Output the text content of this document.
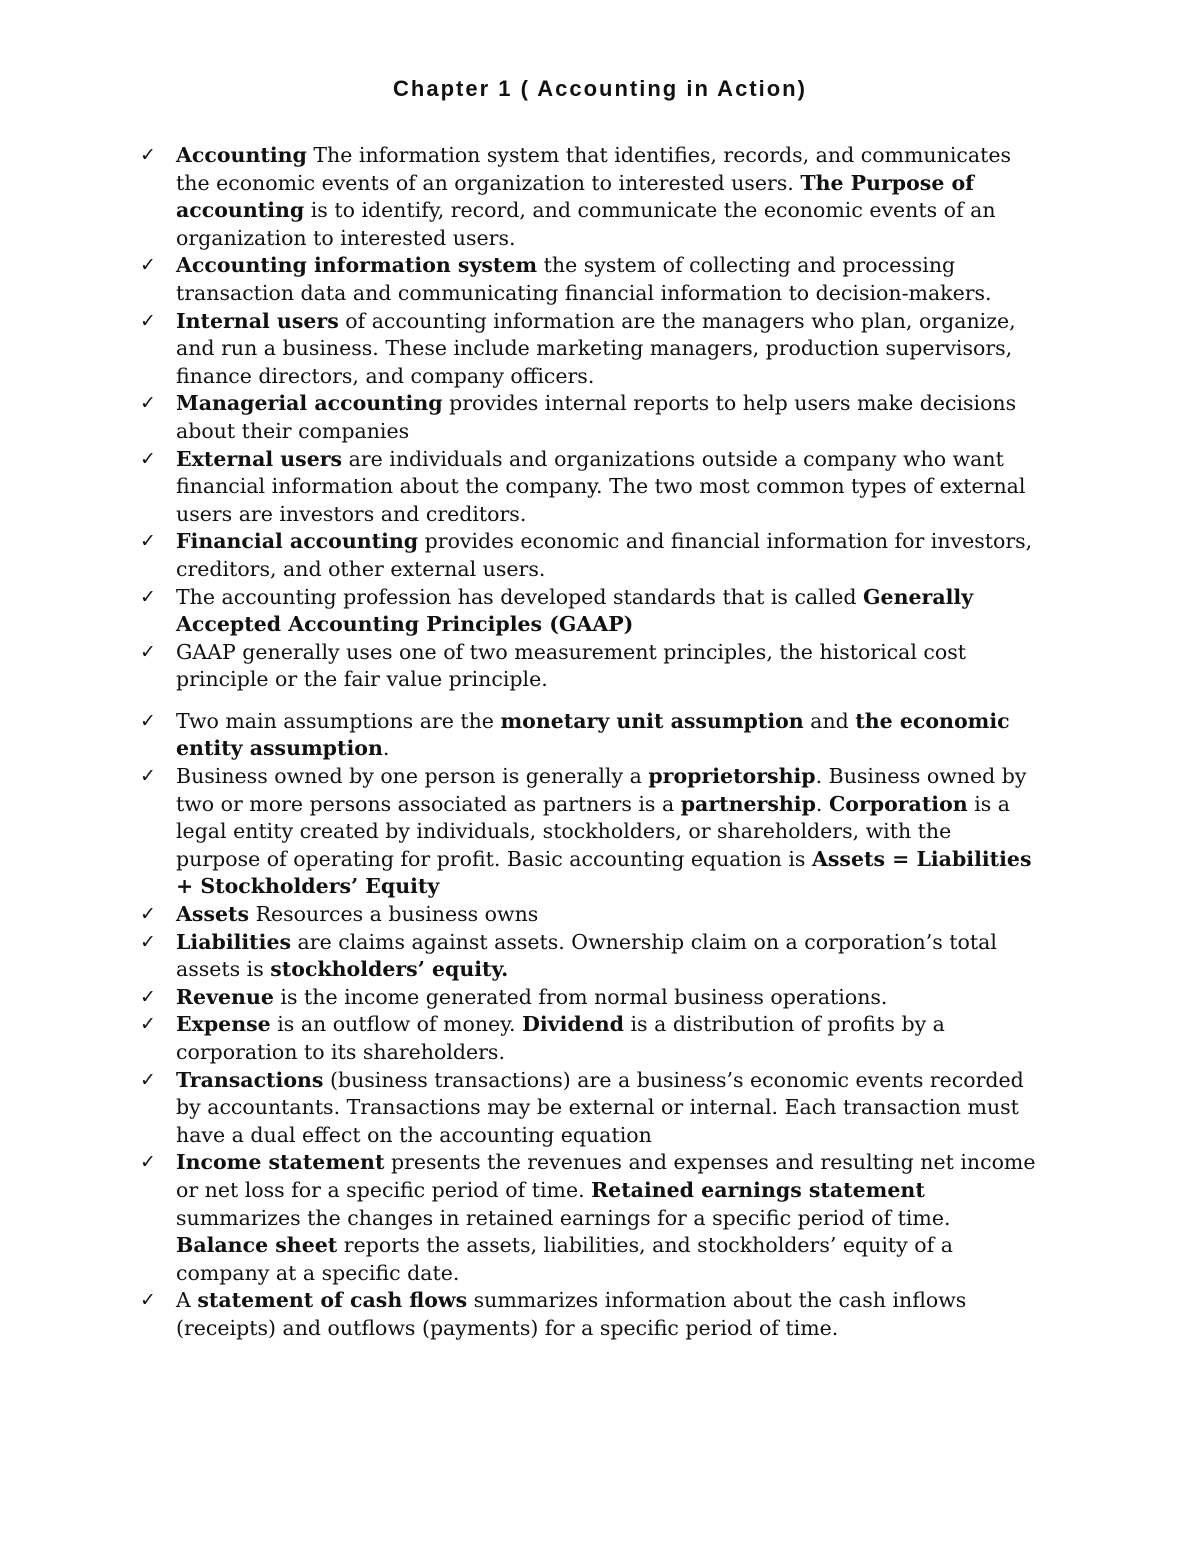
Chapter 1 ( Accounting in Action)
✓ Accounting The information system that identifies, records, and communicates the economic events of an organization to interested users. The Purpose of accounting is to identify, record, and communicate the economic events of an organization to interested users.
✓ Accounting information system the system of collecting and processing transaction data and communicating financial information to decision-makers.
✓ Internal users of accounting information are the managers who plan, organize, and run a business. These include marketing managers, production supervisors, finance directors, and company officers.
✓ Managerial accounting provides internal reports to help users make decisions about their companies
✓ External users are individuals and organizations outside a company who want financial information about the company. The two most common types of external users are investors and creditors.
✓ Financial accounting provides economic and financial information for investors, creditors, and other external users.
✓ The accounting profession has developed standards that is called Generally Accepted Accounting Principles (GAAP)
✓ GAAP generally uses one of two measurement principles, the historical cost principle or the fair value principle.
✓ Two main assumptions are the monetary unit assumption and the economic entity assumption.
✓ Business owned by one person is generally a proprietorship. Business owned by two or more persons associated as partners is a partnership. Corporation is a legal entity created by individuals, stockholders, or shareholders, with the purpose of operating for profit. Basic accounting equation is Assets = Liabilities + Stockholders’ Equity
✓ Assets Resources a business owns
✓ Liabilities are claims against assets. Ownership claim on a corporation’s total assets is stockholders’ equity.
✓ Revenue is the income generated from normal business operations.
✓ Expense is an outflow of money. Dividend is a distribution of profits by a corporation to its shareholders.
✓ Transactions (business transactions) are a business’s economic events recorded by accountants. Transactions may be external or internal. Each transaction must have a dual effect on the accounting equation
✓ Income statement presents the revenues and expenses and resulting net income or net loss for a specific period of time. Retained earnings statement summarizes the changes in retained earnings for a specific period of time. Balance sheet reports the assets, liabilities, and stockholders’ equity of a company at a specific date.
✓ A statement of cash flows summarizes information about the cash inflows (receipts) and outflows (payments) for a specific period of time.
